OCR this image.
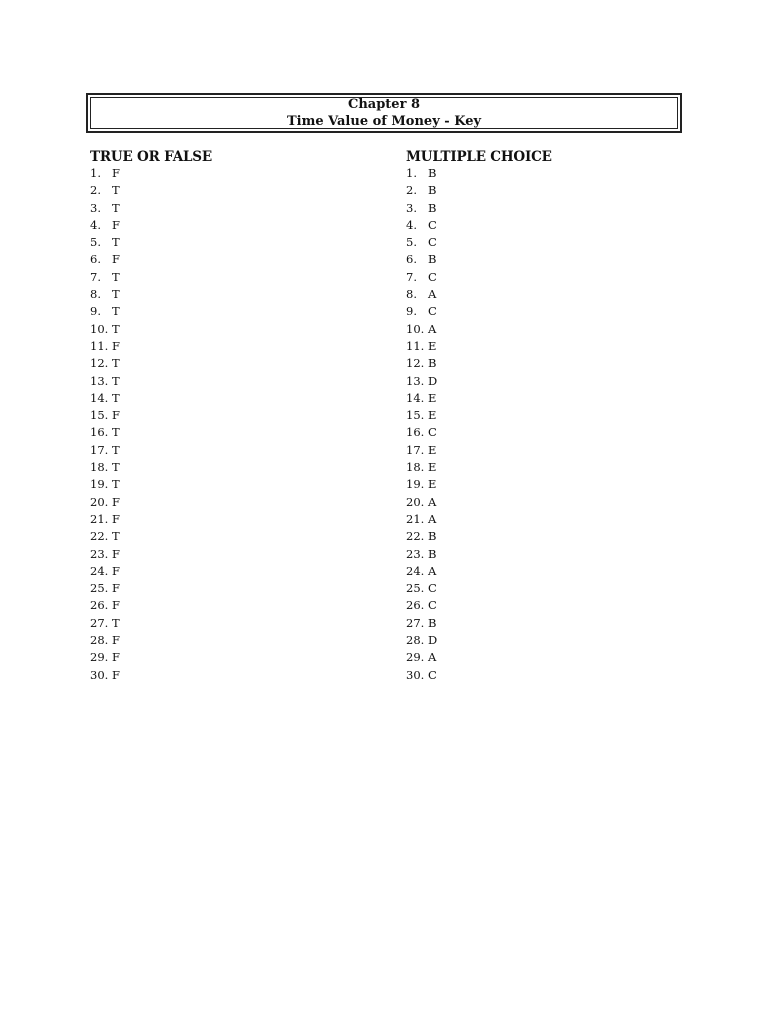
Chapter 8
Time Value of Money - Key
TRUE OR FALSE
1. F
2. T
3. T
4. F
5. T
6. F
7. T
8. T
9. T
10. T
11. F
12. T
13. T
14. T
15. F
16. T
17. T
18. T
19. T
20. F
21. F
22. T
23. F
24. F
25. F
26. F
27. T
28. F
29. F
30. F
MULTIPLE CHOICE
1. B
2. B
3. B
4. C
5. C
6. B
7. C
8. A
9. C
10. A
11. E
12. B
13. D
14. E
15. E
16. C
17. E
18. E
19. E
20. A
21. A
22. B
23. B
24. A
25. C
26. C
27. B
28. D
29. A
30. C
